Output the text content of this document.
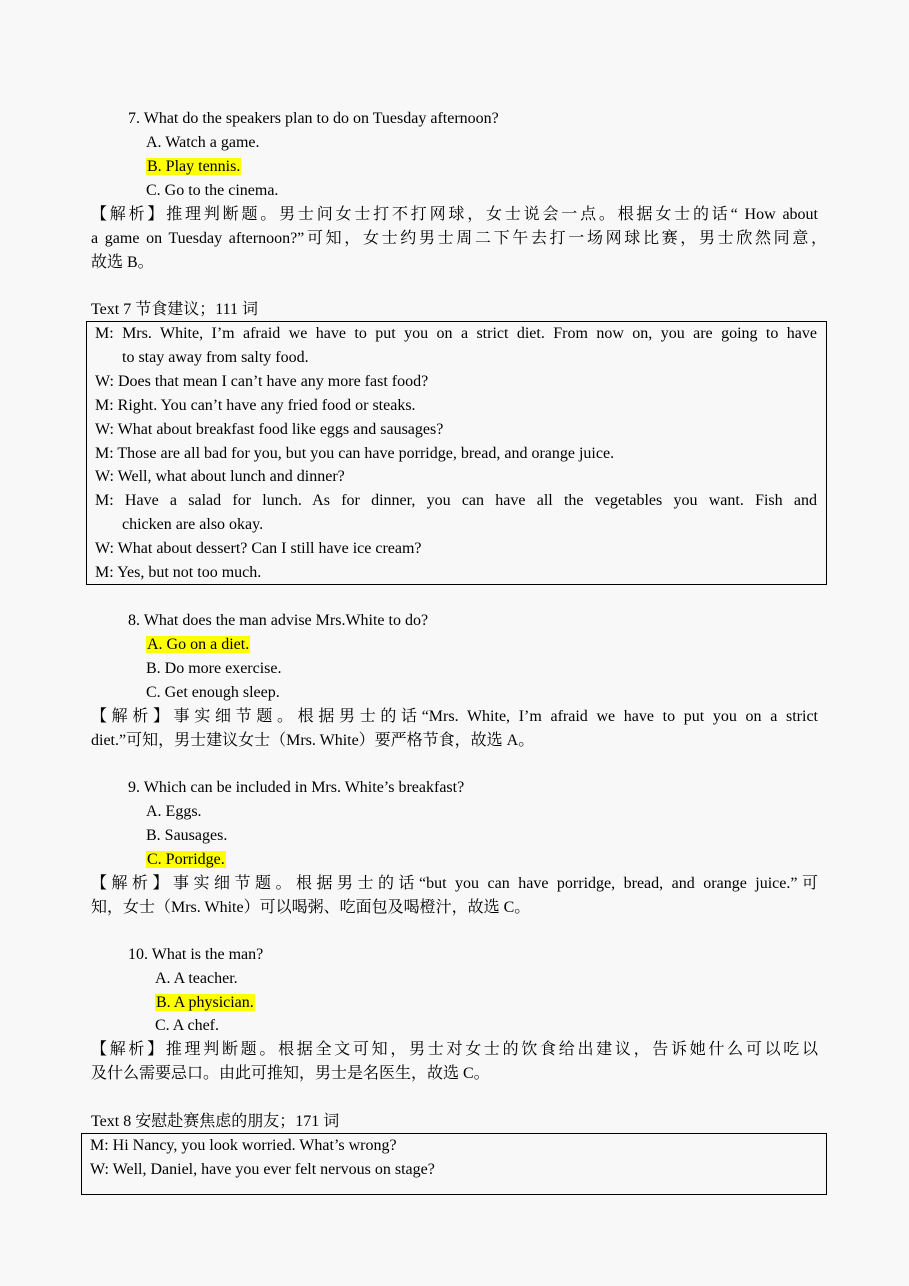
7. What do the speakers plan to do on Tuesday afternoon?
A. Watch a game.
B. Play tennis.
C. Go to the cinema.
【解析】推理判断题。男士问女士打不打网球，女士说会一点。根据女士的话“ How about
a game on Tuesday afternoon?”可知，女士约男士周二下午去打一场网球比赛，男士欣然同意，
故选 B。
Text 7 节食建议；111 词
M: Mrs. White, I’m afraid we have to put you on a strict diet. From now on, you are going to have
to stay away from salty food.
W: Does that mean I can’t have any more fast food?
M: Right. You can’t have any fried food or steaks.
W: What about breakfast food like eggs and sausages?
M: Those are all bad for you, but you can have porridge, bread, and orange juice.
W: Well, what about lunch and dinner?
M: Have a salad for lunch. As for dinner, you can have all the vegetables you want. Fish and
chicken are also okay.
W: What about dessert? Can I still have ice cream?
M: Yes, but not too much.
8. What does the man advise Mrs.White to do?
A. Go on a diet.
B. Do more exercise.
C. Get enough sleep.
【解析】事实细节题。根据男士的话“Mrs. White, I’m afraid we have to put you on a strict
diet.”可知，男士建议女士（Mrs. White）要严格节食，故选 A。
9. Which can be included in Mrs. White’s breakfast?
A. Eggs.
B. Sausages.
C. Porridge.
【解析】事实细节题。根据男士的话“but you can have porridge, bread, and orange juice.”可
知，女士（Mrs. White）可以喝粥、吃面包及喝橙汁，故选 C。
10. What is the man?
A. A teacher.
B. A physician.
C. A chef.
【解析】推理判断题。根据全文可知，男士对女士的饮食给出建议，告诉她什么可以吃以
及什么需要忌口。由此可推知，男士是名医生，故选 C。
Text 8 安慰赴赛焦虑的朋友；171 词
M: Hi Nancy, you look worried. What’s wrong?
W: Well, Daniel, have you ever felt nervous on stage?
